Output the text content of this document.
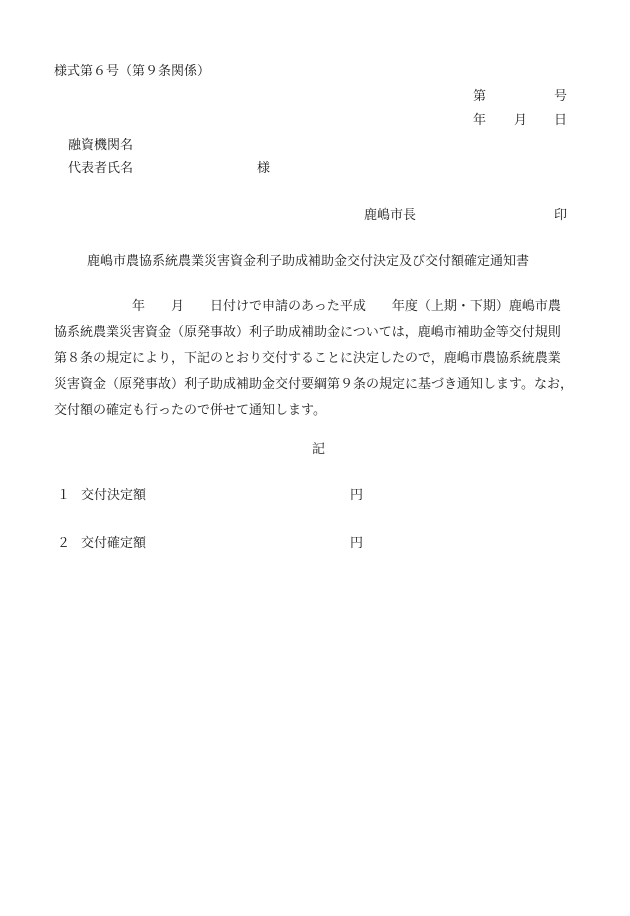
様式第６号（第９条関係）
第	号
年 月 日
融資機関名
代表者氏名	様
鹿嶋市長	印
鹿嶋市農協系統農業災害資金利子助成補助金交付決定及び交付額確定通知書
　　　　　　年　　月　　日付けで申請のあった平成　　年度（上期・下期）鹿嶋市農
協系統農業災害資金（原発事故）利子助成補助金については，鹿嶋市補助金等交付規則
第８条の規定により，下記のとおり交付することに決定したので，鹿嶋市農協系統農業
災害資金（原発事故）利子助成補助金交付要綱第９条の規定に基づき通知します。なお，
交付額の確定も行ったので併せて通知します。
記
１ 交付決定額	円
２ 交付確定額	円
